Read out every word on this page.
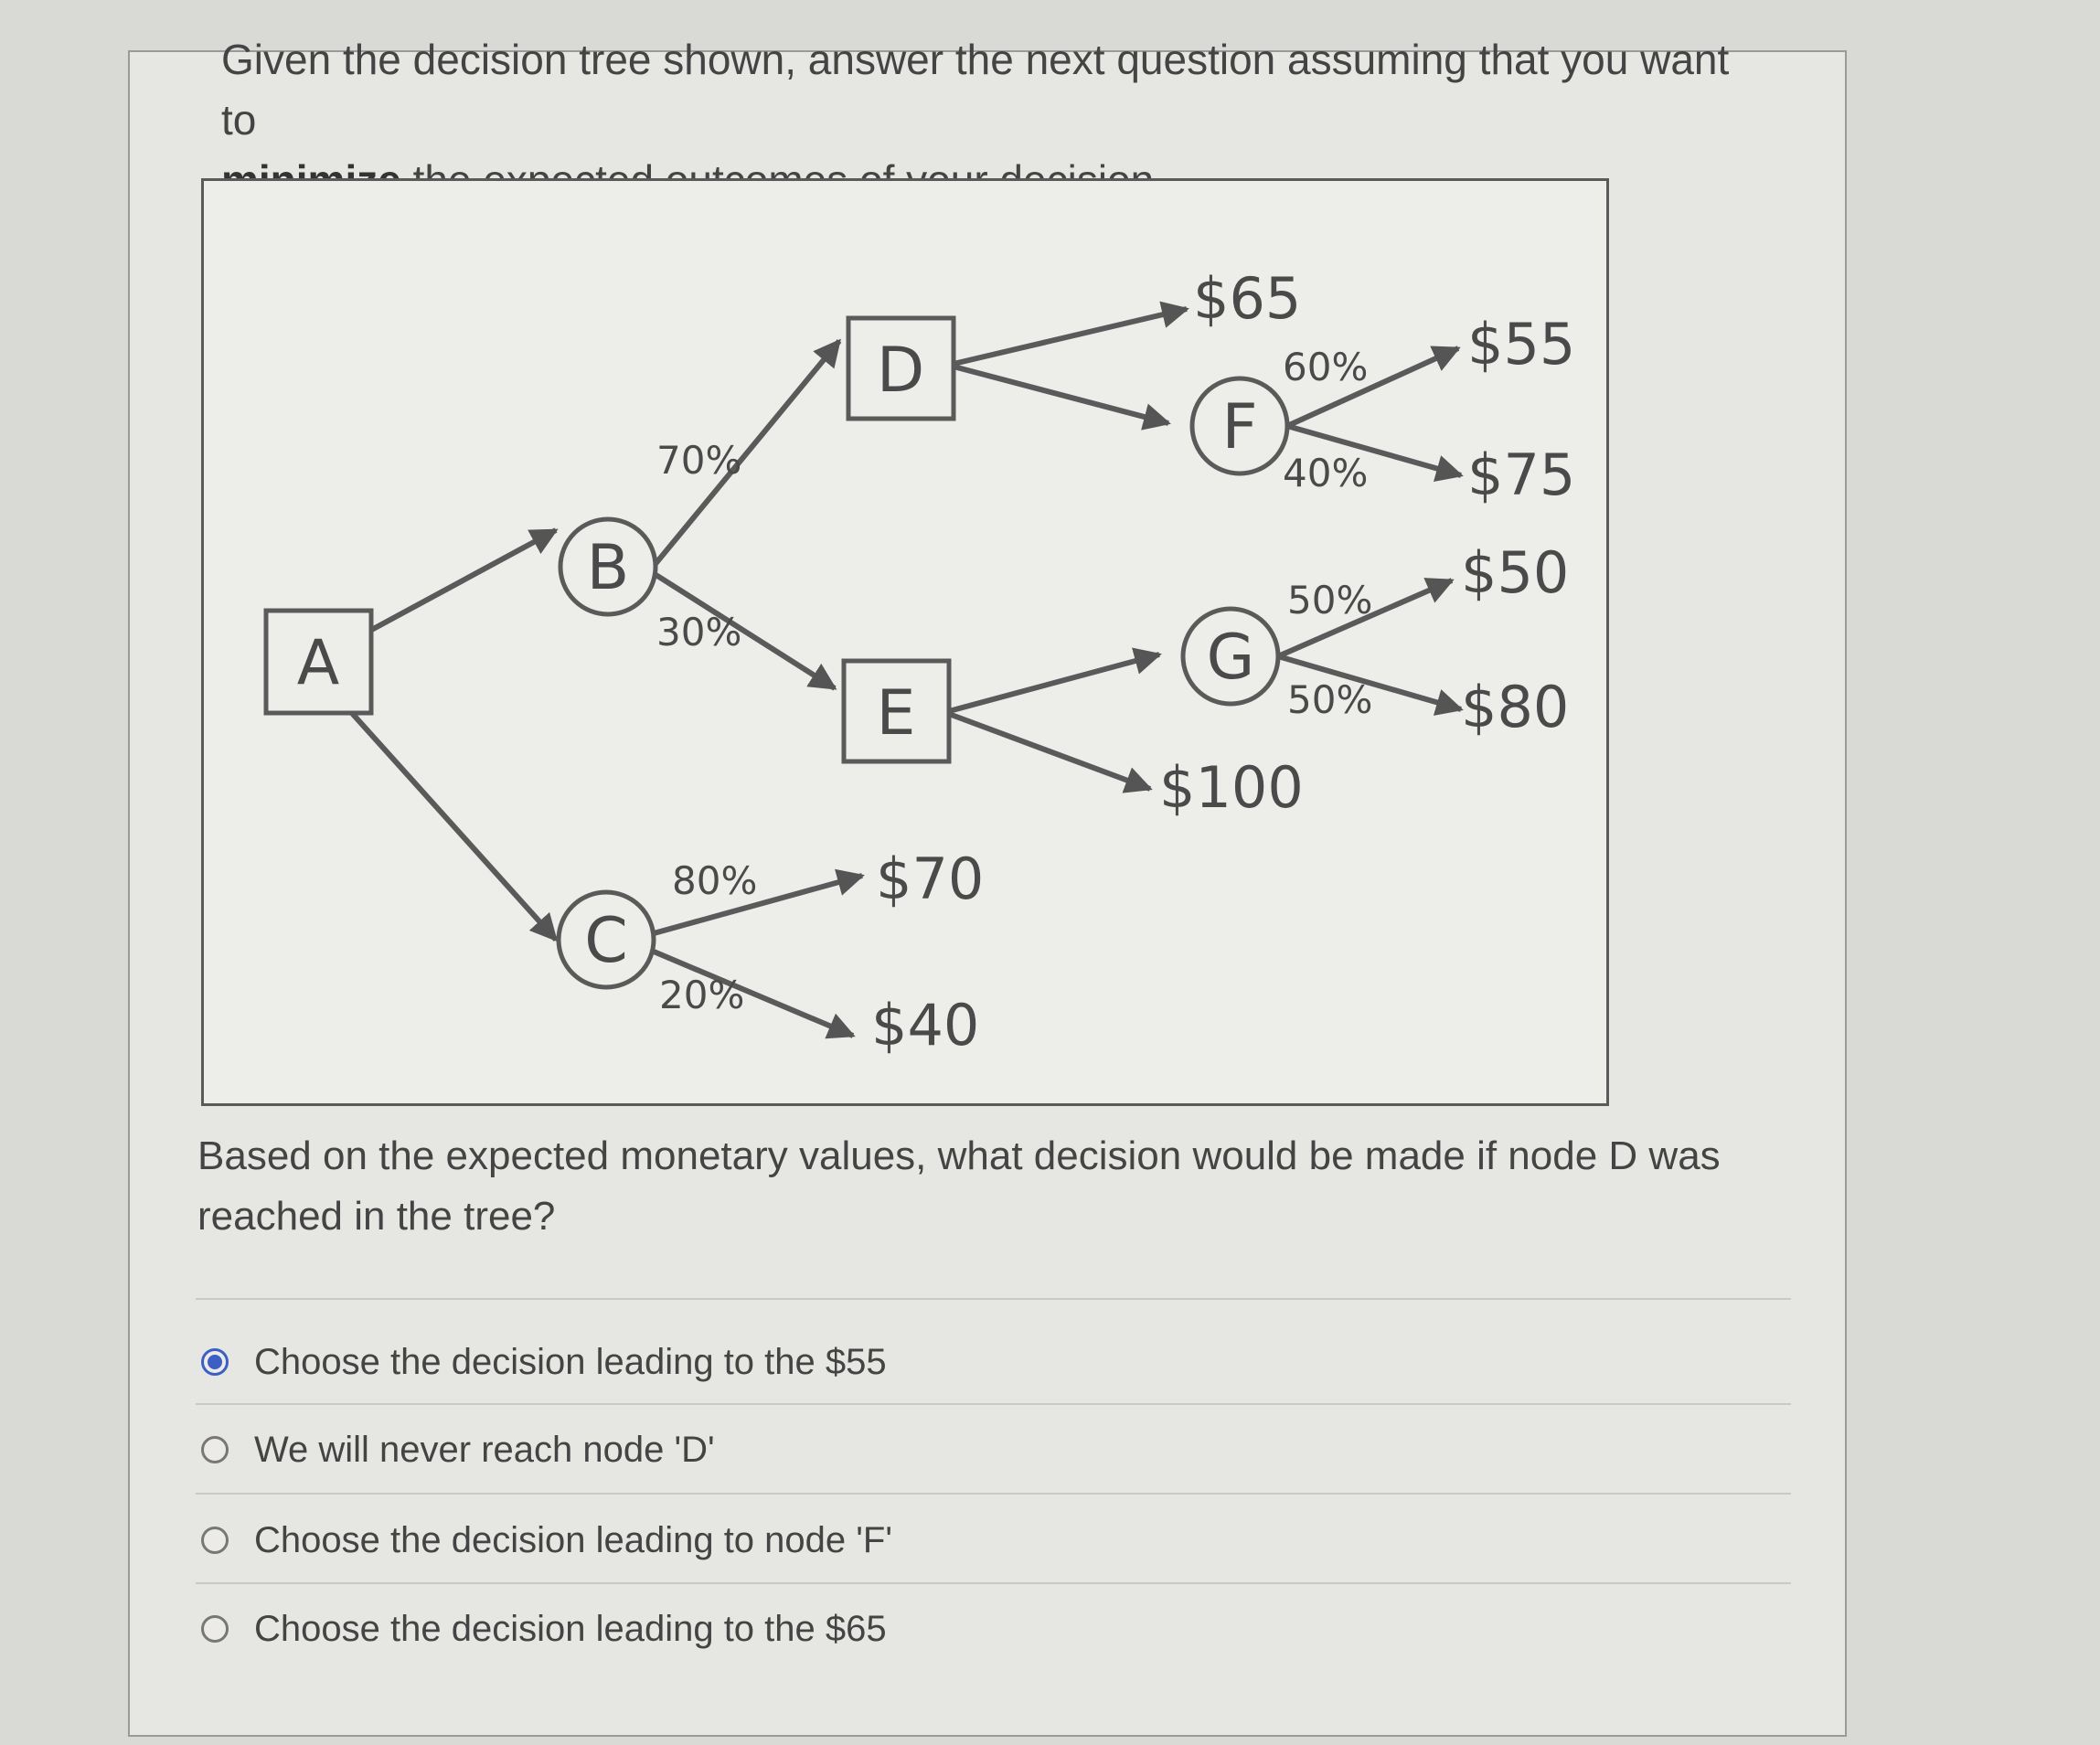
Given the decision tree shown, answer the next question assuming that you want to
A
B
C
D
E
F
G
70%
30%
80%
20%
60%
40%
50%
50%
$65
$55
$75
$50
$80
$100
$70
$40
Based on the expected monetary values, what decision would be made if node D was reached in the tree?
Choose the decision leading to the $55
We will never reach node 'D'
Choose the decision leading to node 'F'
Choose the decision leading to the $65
